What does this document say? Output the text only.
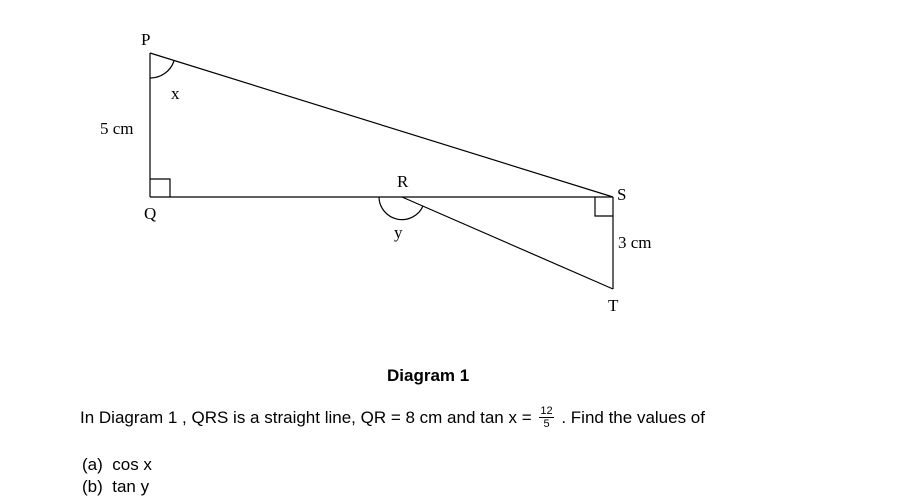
P
Q
R
S
T
x
y
5 cm
3 cm
Diagram 1
In Diagram 1 , QRS is a straight line, QR = 8 cm and $\tan x = \frac{12}{5}$ . Find the values of
(a) cos x
(b) tan y
